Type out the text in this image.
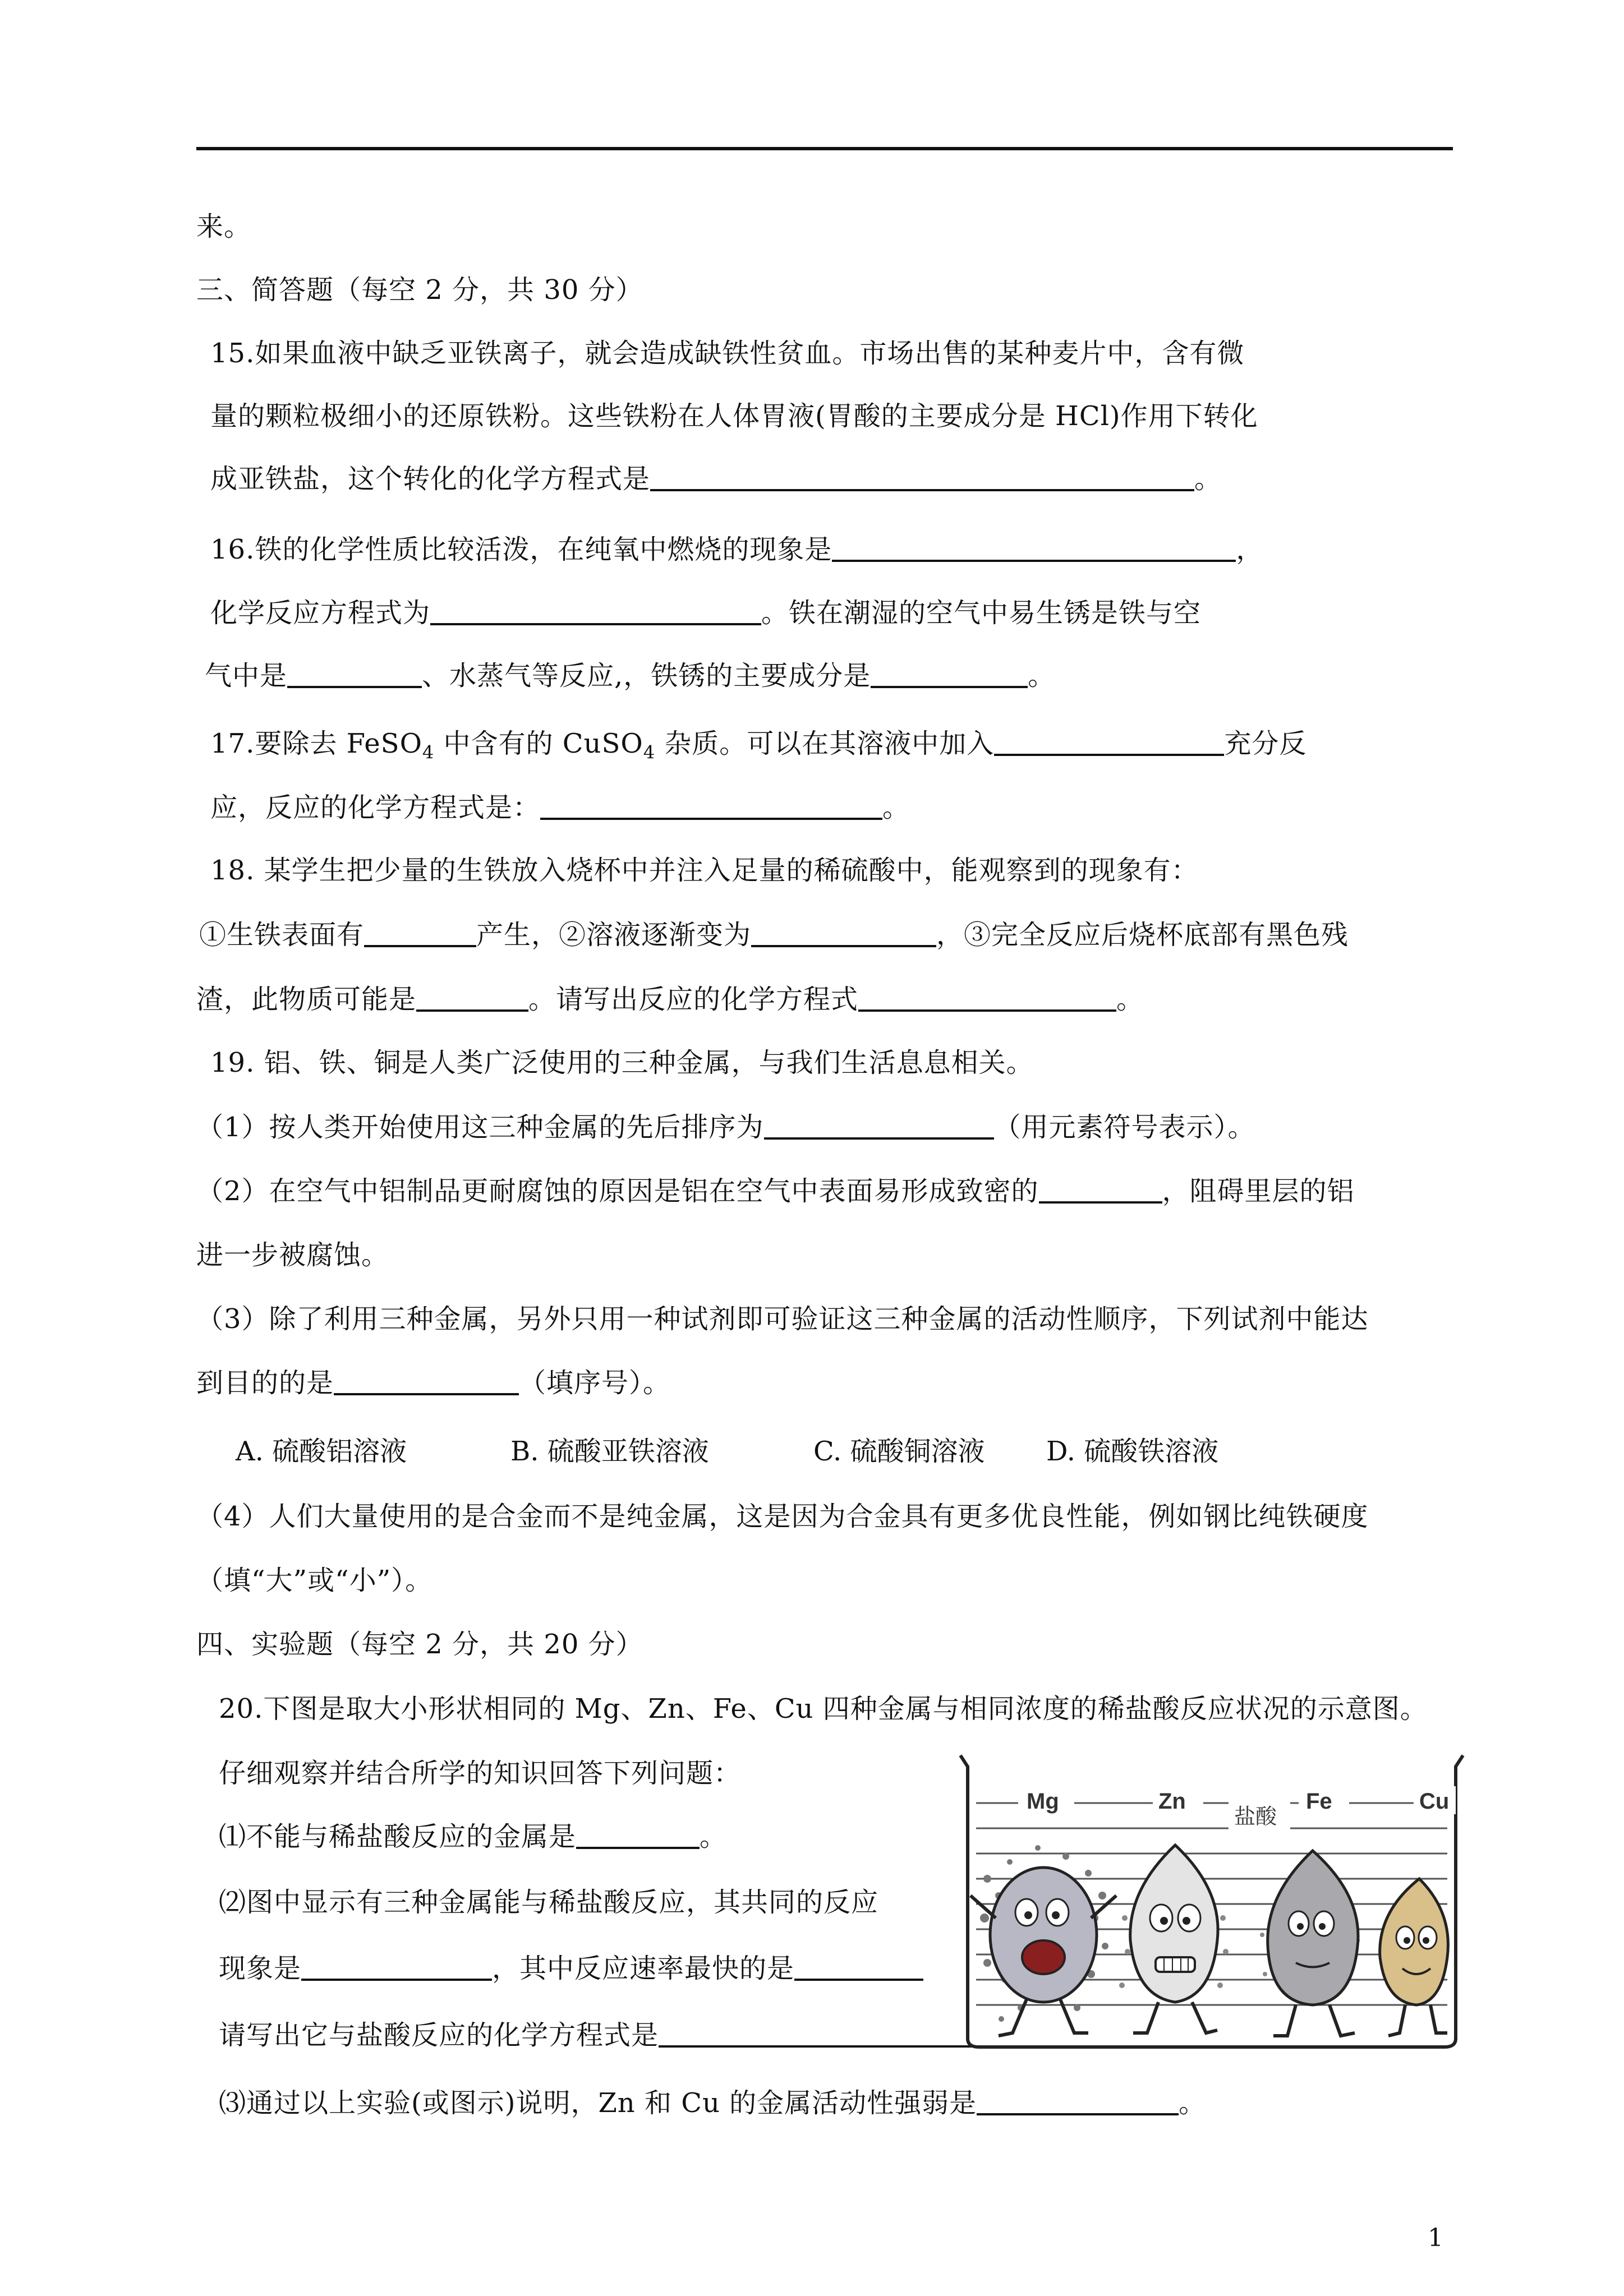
来。
三、简答题（每空 2 分，共 30 分）
15.如果血液中缺乏亚铁离子，就会造成缺铁性贫血。市场出售的某种麦片中，含有微
量的颗粒极细小的还原铁粉。这些铁粉在人体胃液(胃酸的主要成分是 HCl)作用下转化
成亚铁盐，这个转化的化学方程式是	。
16.铁的化学性质比较活泼，在纯氧中燃烧的现象是	，
化学反应方程式为	。铁在潮湿的空气中易生锈是铁与空
气中是	、水蒸气等反应,，铁锈的主要成分是	。
17.要除去 FeSO$_4$ 中含有的 CuSO$_4$ 杂质。可以在其溶液中加入	充分反
应，反应的化学方程式是：	。
18. 某学生把少量的生铁放入烧杯中并注入足量的稀硫酸中，能观察到的现象有：
①生铁表面有	产生，②溶液逐渐变为	，③完全反应后烧杯底部有黑色残
渣，此物质可能是	。请写出反应的化学方程式	。
19. 铝、铁、铜是人类广泛使用的三种金属，与我们生活息息相关。
（1）按人类开始使用这三种金属的先后排序为	（用元素符号表示）。
（2）在空气中铝制品更耐腐蚀的原因是铝在空气中表面易形成致密的	，阻碍里层的铝
进一步被腐蚀。
（3）除了利用三种金属，另外只用一种试剂即可验证这三种金属的活动性顺序，下列试剂中能达
到目的的是	（填序号）。
A. 硫酸铝溶液	B. 硫酸亚铁溶液	C. 硫酸铜溶液 D. 硫酸铁溶液
（4）人们大量使用的是合金而不是纯金属，这是因为合金具有更多优良性能，例如钢比纯铁硬度
（填“大”或“小”）。
四、实验题（每空 2 分，共 20 分）
20.下图是取大小形状相同的 Mg、Zn、Fe、Cu 四种金属与相同浓度的稀盐酸反应状况的示意图。
仔细观察并结合所学的知识回答下列问题：
⑴不能与稀盐酸反应的金属是	。
⑵图中显示有三种金属能与稀盐酸反应，其共同的反应
现象是	，其中反应速率最快的是
请写出它与盐酸反应的化学方程式是
⑶通过以上实验(或图示)说明，Zn 和 Cu 的金属活动性强弱是	。
Mg	Zn
盐酸
Fe	Cu
1
